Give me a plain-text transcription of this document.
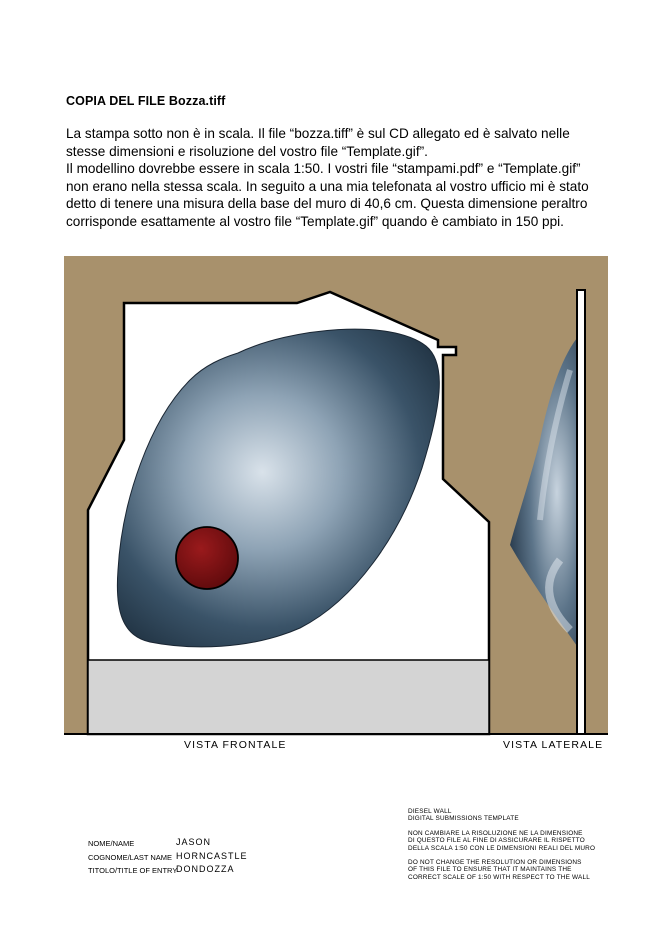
COPIA DEL FILE Bozza.tiff
La stampa sotto non è in scala. Il file “bozza.tiff” è sul CD allegato ed è salvato nelle
stesse dimensioni e risoluzione del vostro file “Template.gif”.
Il modellino dovrebbe essere in scala 1:50. I vostri file “stampami.pdf” e “Template.gif”
non erano nella stessa scala. In seguito a una mia telefonata al vostro ufficio mi è stato
detto di tenere una misura della base del muro di 40,6 cm. Questa dimensione peraltro
corrisponde esattamente al vostro file “Template.gif” quando è cambiato in 150 ppi.
VISTA FRONTALE	VISTA LATERALE
NOME/NAME	JASON
COGNOME/LAST NAME HORNCASTLE
TITOLO/TITLE OF ENTRY
DONDOZZA
DIESEL WALL
DIGITAL SUBMISSIONS TEMPLATE
NON CAMBIARE LA RISOLUZIONE NE LA DIMENSIONE
DI QUESTO FILE AL FINE DI ASSICURARE IL RISPETTO
DELLA SCALA 1:50 CON LE DIMENSIONI REALI DEL MURO
DO NOT CHANGE THE RESOLUTION OR DIMENSIONS
OF THIS FILE TO ENSURE THAT IT MAINTAINS THE
CORRECT SCALE OF 1:50 WITH RESPECT TO THE WALL
